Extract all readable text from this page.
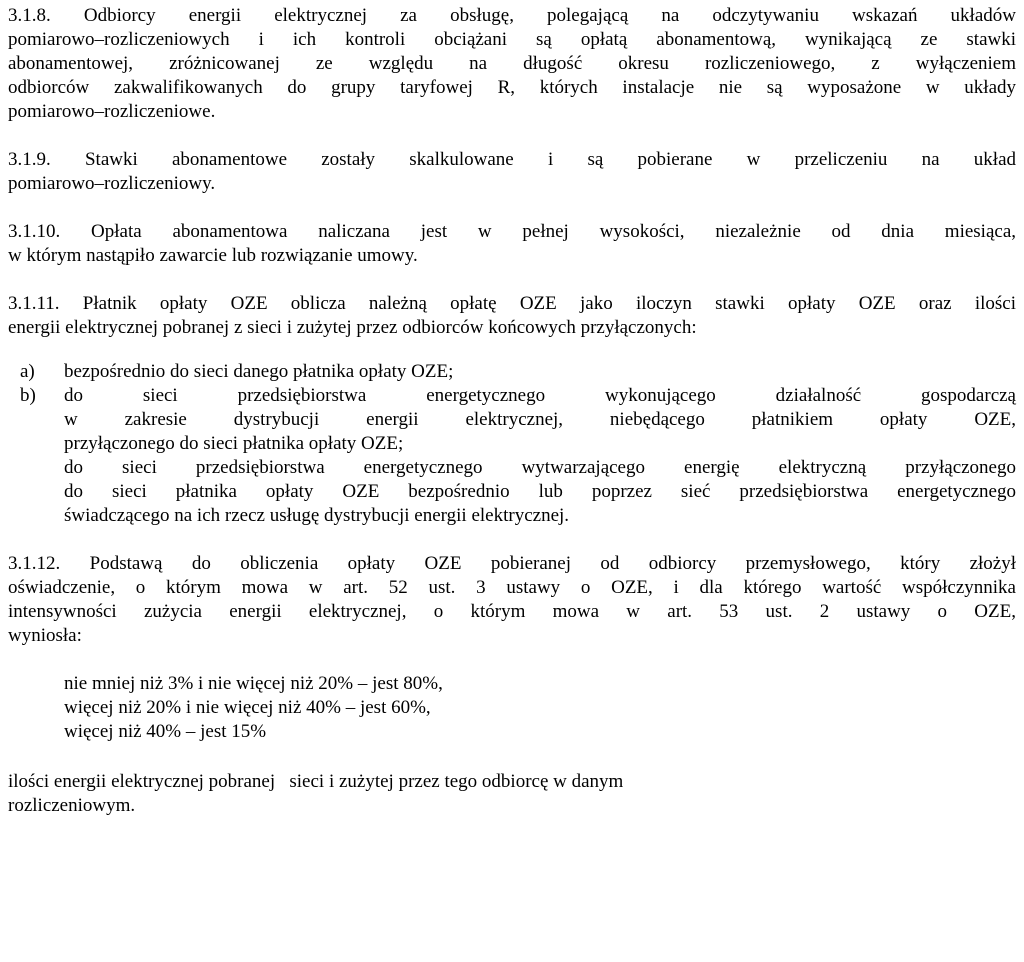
3.1.8. Odbiorcy energii elektrycznej za obsługę, polegającą na odczytywaniu wskazań układów
pomiarowo–rozliczeniowych i ich kontroli obciążani są opłatą abonamentową, wynikającą ze stawki
abonamentowej, zróżnicowanej ze względu na długość okresu rozliczeniowego, z wyłączeniem
odbiorców zakwalifikowanych do grupy taryfowej R, których instalacje nie są wyposażone w układy
pomiarowo–rozliczeniowe.
3.1.9. Stawki abonamentowe zostały skalkulowane i są pobierane w przeliczeniu na układ
pomiarowo–rozliczeniowy.
3.1.10. Opłata abonamentowa naliczana jest w pełnej wysokości, niezależnie od dnia miesiąca,
w którym nastąpiło zawarcie lub rozwiązanie umowy.
3.1.11. Płatnik opłaty OZE oblicza należną opłatę OZE jako iloczyn stawki opłaty OZE oraz ilości
energii elektrycznej pobranej z sieci i zużytej przez odbiorców końcowych przyłączonych:
a) bezpośrednio do sieci danego płatnika opłaty OZE;
b) do sieci przedsiębiorstwa energetycznego wykonującego działalność gospodarczą
w zakresie dystrybucji energii elektrycznej, niebędącego płatnikiem opłaty OZE,
przyłączonego do sieci płatnika opłaty OZE;
do sieci przedsiębiorstwa energetycznego wytwarzającego energię elektryczną przyłączonego
do sieci płatnika opłaty OZE bezpośrednio lub poprzez sieć przedsiębiorstwa energetycznego
świadczącego na ich rzecz usługę dystrybucji energii elektrycznej.
3.1.12. Podstawą do obliczenia opłaty OZE pobieranej od odbiorcy przemysłowego, który złożył
oświadczenie, o którym mowa w art. 52 ust. 3 ustawy o OZE, i dla którego wartość współczynnika
intensywności zużycia energii elektrycznej, o którym mowa w art. 53 ust. 2 ustawy o OZE,
wyniosła:
nie mniej niż 3% i nie więcej niż 20% – jest 80%,
więcej niż 20% i nie więcej niż 40% – jest 60%,
więcej niż 40% – jest 15%
ilości energii elektrycznej pobranej   sieci i zużytej przez tego odbiorcę w danym
rozliczeniowym.
